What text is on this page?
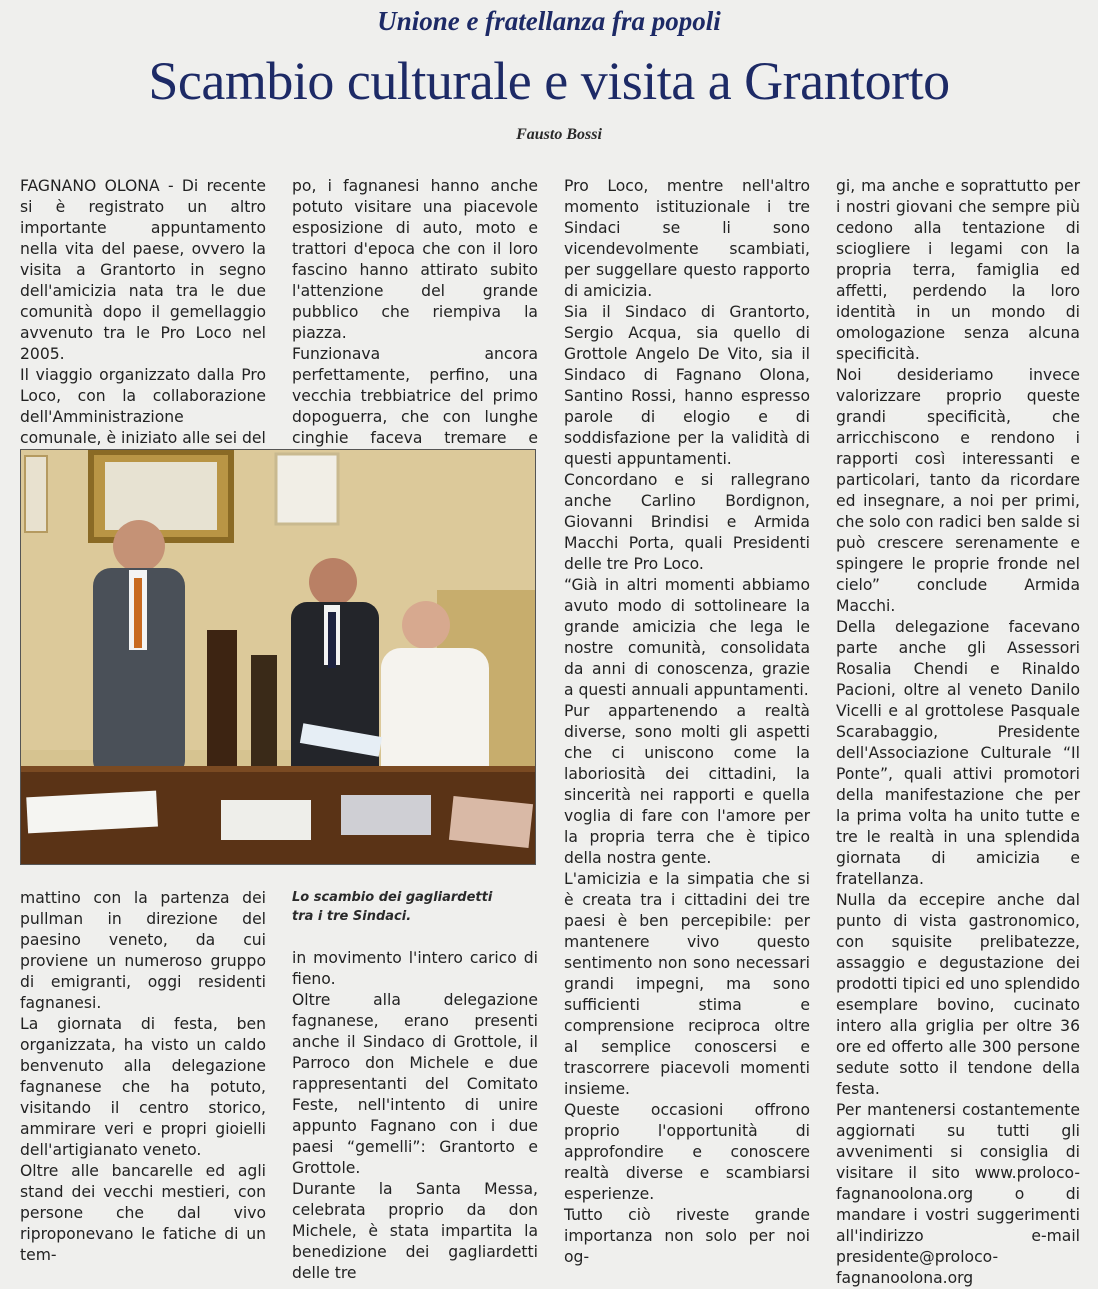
Unione e fratellanza fra popoli
Scambio culturale e visita a Grantorto
Fausto Bossi

FAGNANO OLONA - Di recente si è registrato un altro importante appuntamento nella vita del paese, ovvero la visita a Grantorto in segno dell'amicizia nata tra le due comunità dopo il gemellaggio avvenuto tra le Pro Loco nel 2005.

Il viaggio organizzato dalla Pro Loco, con la collaborazione dell'Amministrazione comunale, è iniziato alle sei del

po, i fagnanesi hanno anche potuto visitare una piacevole esposizione di auto, moto e trattori d'epoca che con il loro fascino hanno attirato subito l'attenzione del grande pubblico che riempiva la piazza.

Funzionava ancora perfettamente, perfino, una vecchia trebbiatrice del primo dopoguerra, che con lunghe cinghie faceva tremare e

Pro Loco, mentre nell'altro momento istituzionale i tre Sindaci se li sono vicendevolmente scambiati, per suggellare questo rapporto di amicizia.

Sia il Sindaco di Grantorto, Sergio Acqua, sia quello di Grottole Angelo De Vito, sia il Sindaco di Fagnano Olona, Santino Rossi, hanno espresso parole di elogio e di soddisfazione per la validità di questi appuntamenti.

Concordano e si rallegrano anche Carlino Bordignon, Giovanni Brindisi e Armida Macchi Porta, quali Presidenti delle tre Pro Loco.

“Già in altri momenti abbiamo avuto modo di sottolineare la grande amicizia che lega le nostre comunità, consolidata da anni di conoscenza, grazie a questi annuali appuntamenti.

Pur appartenendo a realtà diverse, sono molti gli aspetti che ci uniscono come la laboriosità dei cittadini, la sincerità nei rapporti e quella voglia di fare con l'amore per la propria terra che è tipico della nostra gente.

L'amicizia e la simpatia che si è creata tra i cittadini dei tre paesi è ben percepibile: per mantenere vivo questo sentimento non sono necessari grandi impegni, ma sono sufficienti stima e comprensione reciproca oltre al semplice conoscersi e trascorrere piacevoli momenti insieme.

Queste occasioni offrono proprio l'opportunità di approfondire e conoscere realtà diverse e scambiarsi esperienze.

Tutto ciò riveste grande importanza non solo per noi og-

gi, ma anche e soprattutto per i nostri giovani che sempre più cedono alla tentazione di sciogliere i legami con la propria terra, famiglia ed affetti, perdendo la loro identità in un mondo di omologazione senza alcuna specificità.

Noi desideriamo invece valorizzare proprio queste grandi specificità, che arricchiscono e rendono i rapporti così interessanti e particolari, tanto da ricordare ed insegnare, a noi per primi, che solo con radici ben salde si può crescere serenamente e spingere le proprie fronde nel cielo” conclude Armida Macchi.

Della delegazione facevano parte anche gli Assessori Rosalia Chendi e Rinaldo Pacioni, oltre al veneto Danilo Vicelli e al grottolese Pasquale Scarabaggio, Presidente dell'Associazione Culturale “Il Ponte”, quali attivi promotori della manifestazione che per la prima volta ha unito tutte e tre le realtà in una splendida giornata di amicizia e fratellanza.

Nulla da eccepire anche dal punto di vista gastronomico, con squisite prelibatezze, assaggio e degustazione dei prodotti tipici ed uno splendido esemplare bovino, cucinato intero alla griglia per oltre 36 ore ed offerto alle 300 persone sedute sotto il tendone della festa.

Per mantenersi costantemente aggiornati su tutti gli avvenimenti si consiglia di visitare il sito www.proloco-fagnanoolona.org o di mandare i vostri suggerimenti all'indirizzo e-mail presidente@proloco-fagnanoolona.org

Lo scambio dei gagliardetti
tra i tre Sindaci.

mattino con la partenza dei pullman in direzione del paesino veneto, da cui proviene un numeroso gruppo di emigranti, oggi residenti fagnanesi.

La giornata di festa, ben organizzata, ha visto un caldo benvenuto alla delegazione fagnanese che ha potuto, visitando il centro storico, ammirare veri e propri gioielli dell'artigianato veneto.

Oltre alle bancarelle ed agli stand dei vecchi mestieri, con persone che dal vivo riproponevano le fatiche di un tem-

in movimento l'intero carico di fieno.

Oltre alla delegazione fagnanese, erano presenti anche il Sindaco di Grottole, il Parroco don Michele e due rappresentanti del Comitato Feste, nell'intento di unire appunto Fagnano con i due paesi “gemelli”: Grantorto e Grottole.

Durante la Santa Messa, celebrata proprio da don Michele, è stata impartita la benedizione dei gagliardetti delle tre
